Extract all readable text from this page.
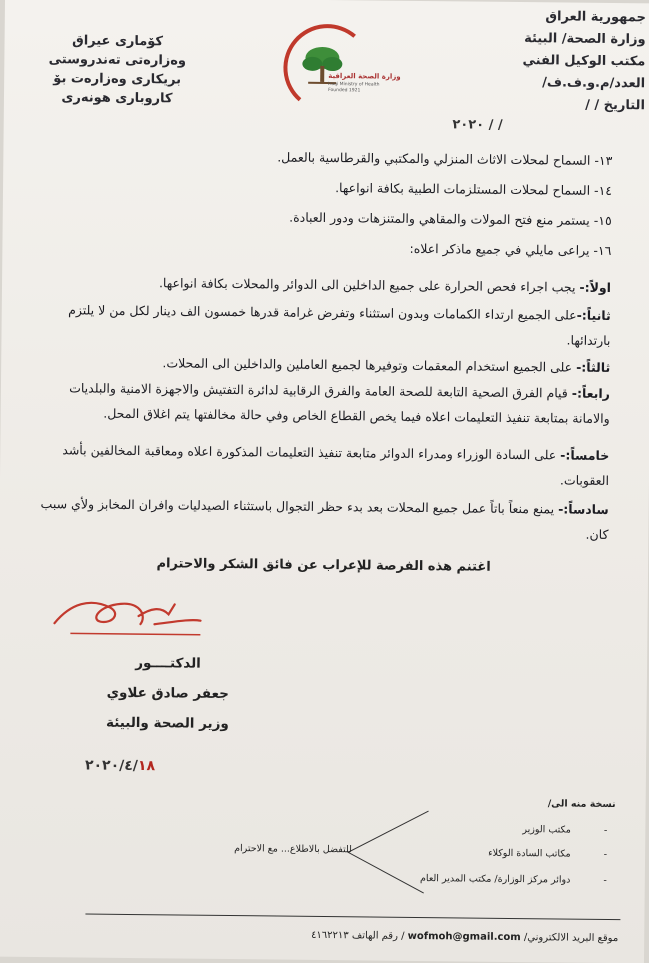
جمهورية العراق
وزارة الصحة/ البيئة
مكتب الوكيل الفني
العدد/م.و.ف.ف/
التاريخ / /
كۆماری عیراق
وەزارەتی تەندروستی
بریکاری وەزارەت بۆ
کاروباری هونەری
وزارة الصحة العراقية
Iraqi Ministry of Health
Founded 1921
٢٠٢٠ / /
١٣- السماح لمحلات الاثاث المنزلي والمكتبي والقرطاسية بالعمل.
١٤- السماح لمحلات المستلزمات الطبية بكافة انواعها.
١٥- يستمر منع فتح المولات والمقاهي والمتنزهات ودور العبادة.
١٦- يراعى مايلي في جميع ماذكر اعلاه:
اولاً:- يجب اجراء فحص الحرارة على جميع الداخلين الى الدوائر والمحلات بكافة انواعها.
ثانياً:-على الجميع ارتداء الكمامات وبدون استثناء وتفرض غرامة قدرها خمسون الف دينار لكل من لا يلتزم بارتدائها.
ثالثاً:- على الجميع استخدام المعقمات وتوفيرها لجميع العاملين والداخلين الى المحلات.
رابعاً:- قيام الفرق الصحية التابعة للصحة العامة والفرق الرقابية لدائرة التفتيش والاجهزة الامنية والبلديات والامانة بمتابعة تنفيذ التعليمات اعلاه فيما يخص القطاع الخاص وفي حالة مخالفتها يتم اغلاق المحل.
خامساً:- على السادة الوزراء ومدراء الدوائر متابعة تنفيذ التعليمات المذكورة اعلاه ومعاقبة المخالفين بأشد العقوبات.
سادساً:- يمنع منعاً باتاً عمل جميع المحلات بعد بدء حظر التجوال باستثناء الصيدليات وافران المخابز ولأي سبب كان.
اغتنم هذه الفرصة للإعراب عن فائق الشكر والاحترام
الدكتــــور
جعفر صادق علاوي
وزير الصحة والبيئة
٢٠٢٠/٤/١٨
نسخة منه الى/
- مكتب الوزير
- مكاتب السادة الوكلاء
- دوائر مركز الوزارة/ مكتب المدير العام
للتفضل بالاطلاع... مع الاحترام
موقع البريد الالكتروني/ wofmoh@gmail.com / رقم الهاتف ٤١٦٢٢١٣
